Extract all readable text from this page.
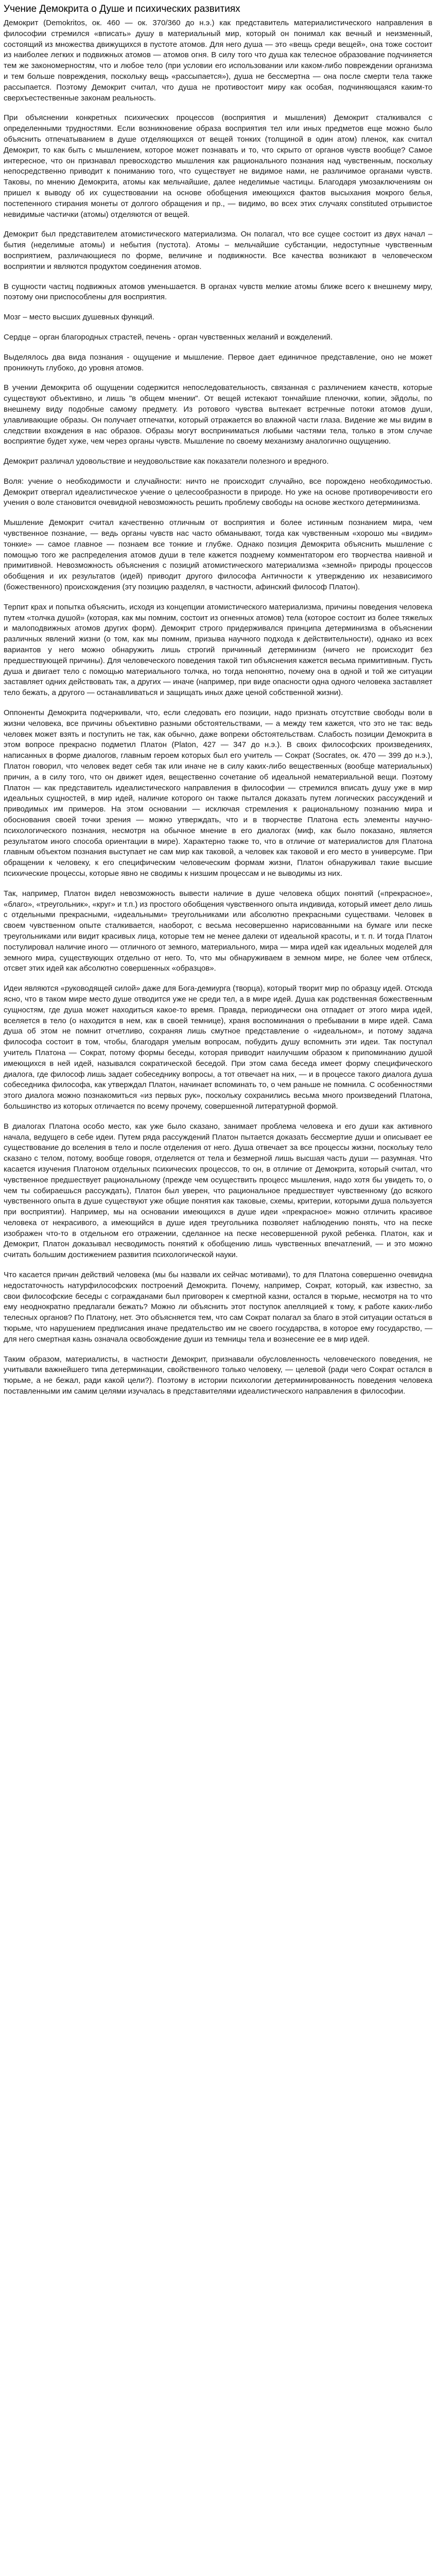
Учение Демокрита о Душе и психических развитиях

Демокрит (Demokritos, ок. 460 — ок. 370/360 до н.э.) как представитель материалистического направления в философии стремился «вписать» душу в материальный мир, который он понимал как вечный и неизменный, состоящий из множества движущихся в пустоте атомов. Для него душа — это «вещь среди вещей», она тоже состоит из наиболее легких и подвижных атомов — атомов огня. В силу того что душа как телесное образование подчиняется тем же закономерностям, что и любое тело (при условии его использовании или каком-либо повреждении организма и тем больше повреждения, поскольку вещь «рассыпается»), душа не бессмертна — она после смерти тела также рассыпается. Поэтому Демокрит считал, что душа не противостоит миру как особая, подчиняющаяся каким-то сверхъестественные законам реальность.

При объяснении конкретных психических процессов (восприятия и мышления) Демокрит сталкивался с определенными трудностями. Если возникновение образа восприятия тел или иных предметов еще можно было объяснить отпечатыванием в душе отделяющихся от вещей тонких (толщиной в один атом) пленок, как считал Демокрит, то как быть с мышлением, которое может познавать и то, что скрыто от органов чувств вообще? Самое интересное, что он признавал превосходство мышления как рационального познания над чувственным, поскольку непосредственно приводит к пониманию того, что существует не видимое нами, не различимое органами чувств. Таковы, по мнению Демокрита, атомы как мельчайшие, далее неделимые частицы. Благодаря умозаключениям он пришел к выводу об их существовании на основе обобщения имеющихся фактов высыхания мокрого белья, постепенного стирания монеты от долгого обращения и пр., — видимо, во всех этих случаях constituted отрывистое невидимые частички (атомы) отделяются от вещей.

Демокрит был представителем атомистического материализма. Он полагал, что все сущее состоит из двух начал – бытия (неделимые атомы) и небытия (пустота). Атомы – мельчайшие субстанции, недоступные чувственным восприятием, различающиеся по форме, величине и подвижности. Все качества возникают в человеческом восприятии и являются продуктом соединения атомов.

В сущности частиц подвижных атомов уменьшается. В органах чувств мелкие атомы ближе всего к внешнему миру, поэтому они приспособлены для восприятия.

Мозг – место высших душевных функций.

Сердце – орган благородных страстей, печень - орган чувственных желаний и вожделений.

Выделялось два вида познания - ощущение и мышление. Первое дает единичное представление, оно не может проникнуть глубоко, до уровня атомов.

В учении Демокрита об ощущении содержится непоследовательность, связанная с различением качеств, которые существуют объективно, и лишь "в общем мнении". От вещей истекают тончайшие пленочки, копии, эйдолы, по внешнему виду подобные самому предмету. Из ротового чувства вытекает встречные потоки атомов души, улавливающие образы. Он получает отпечатки, который отражается во влажной части глаза. Видение же мы видим в следствии вхождения в нас образов. Образы могут восприниматься любыми частями тела, только в этом случае восприятие будет хуже, чем через органы чувств. Мышление по своему механизму аналогично ощущению.

Демокрит различал удовольствие и неудовольствие как показатели полезного и вредного.

Воля: учение о необходимости и случайности: ничто не происходит случайно, все порождено необходимостью. Демокрит отвергал идеалистическое учение о целесообразности в природе. Но уже на основе противоречивости его учения о воле становится очевидной невозможность решить проблему свободы на основе жесткого детерминизма.

Мышление Демокрит считал качественно отличным от восприятия и более истинным познанием мира, чем чувственное познание, — ведь органы чувств нас часто обманывают, тогда как чувственным «хорошо мы «видим» тонкие» — самое главное — познаем все тонкие и глубже. Однако позиция Демокрита объяснить мышление с помощью того же распределения атомов души в теле кажется позднему комментатором его творчества наивной и примитивной. Невозможность объяснения с позиций атомистического материализма «земной» природы процессов обобщения и их результатов (идей) приводит другого философа Античности к утверждению их независимого (божественного) происхождения (эту позицию разделял, в частности, афинский философ Платон).

Терпит крах и попытка объяснить, исходя из концепции атомистического материализма, причины поведения человека путем «толчка душой» (которая, как мы помним, состоит из огненных атомов) тела (которое состоит из более тяжелых и малоподвижных атомов других форм). Демокрит строго придерживался принципа детерминизма в объяснении различных явлений жизни (о том, как мы помним, призыва научного подхода к действительности), однако из всех вариантов у него можно обнаружить лишь строгий причинный детерминизм (ничего не происходит без предшествующей причины). Для человеческого поведения такой тип объяснения кажется весьма примитивным. Пусть душа и двигает тело с помощью материального толчка, но тогда непонятно, почему она в одной и той же ситуации заставляет одних действовать так, а других — иначе (например, при виде опасности одна одного человека заставляет тело бежать, а другого — останавливаться и защищать иных даже ценой собственной жизни).

Оппоненты Демокрита подчеркивали, что, если следовать его позиции, надо признать отсутствие свободы воли в жизни человека, все причины объективно разными обстоятельствами, — а между тем кажется, что это не так: ведь человек может взять и поступить не так, как обычно, даже вопреки обстоятельствам. Слабость позиции Демокрита в этом вопросе прекрасно подметил Платон (Platon, 427 — 347 до н.э.). В своих философских произведениях, написанных в форме диалогов, главным героем которых был его учитель — Сократ (Socrates, ок. 470 — 399 до н.э.), Платон говорил, что человек ведет себя так или иначе не в силу каких-либо вещественных (вообще материальных) причин, а в силу того, что он движет идея, вещественно сочетание об идеальной нематериальной вещи. Поэтому Платон — как представитель идеалистического направления в философии — стремился вписать душу уже в мир идеальных сущностей, в мир идей, наличие которого он также пытался доказать путем логических рассуждений и приводимых им примеров. На этом основании — исключая стремления к рациональному познанию мира и обоснования своей точки зрения — можно утверждать, что и в творчестве Платона есть элементы научно-психологического познания, несмотря на обычное мнение в его диалогах (миф, как было показано, является результатом иного способа ориентации в мире). Характерно также то, что в отличие от материалистов для Платона главным объектом познания выступает не сам мир как таковой, а человек как таковой и его место в универсуме. При обращении к человеку, к его специфическим человеческим формам жизни, Платон обнаруживал такие высшие психические процессы, которые явно не сводимы к низшим процессам и не выводимы из них.

Так, например, Платон видел невозможность вывести наличие в душе человека общих понятий («прекрасное», «благо», «треугольник», «круг» и т.п.) из простого обобщения чувственного опыта индивида, который имеет дело лишь с отдельными прекрасными, «идеальными» треугольниками или абсолютно прекрасными существами. Человек в своем чувственном опыте сталкивается, наоборот, с весьма несовершенно нарисованными на бумаге или песке треугольниками или видит красивых лица, которые тем не менее далеки от идеальной красоты, и т. п. И тогда Платон постулировал наличие иного — отличного от земного, материального, мира — мира идей как идеальных моделей для земного мира, существующих отдельно от него. То, что мы обнаруживаем в земном мире, не более чем отблеск, отсвет этих идей как абсолютно совершенных «образцов».

Идеи являются «руководящей силой» даже для Бога-демиурга (творца), который творит мир по образцу идей. Отсюда ясно, что в таком мире место душе отводится уже не среди тел, а в мире идей. Душа как родственная божественным сущностям, где душа может находиться какое-то время. Правда, периодически она отпадает от этого мира идей, вселяется в тело (о находится в нем, как в своей темнице), храня воспоминания о пребывании в мире идей. Сама душа об этом не помнит отчетливо, сохраняя лишь смутное представление о «идеальном», и потому задача философа состоит в том, чтобы, благодаря умелым вопросам, побудить душу вспомнить эти идеи. Так поступал учитель Платона — Сократ, потому формы беседы, которая приводит наилучшим образом к припоминанию душой имеющихся в ней идей, назывался сократической беседой. При этом сама беседа имеет форму специфического диалога, где философ лишь задает собеседнику вопросы, а тот отвечает на них, — и в процессе такого диалога душа собеседника философа, как утверждал Платон, начинает вспоминать то, о чем раньше не помнила. С особенностями этого диалога можно познакомиться «из первых рук», поскольку сохранились весьма много произведений Платона, большинство из которых отличается по всему прочему, совершенной литературной формой.

В диалогах Платона особо место, как уже было сказано, занимает проблема человека и его души как активного начала, ведущего в себе идеи. Путем ряда рассуждений Платон пытается доказать бессмертие души и описывает ее существование до вселения в тело и после отделения от него. Душа отвечает за все процессы жизни, поскольку тело сказано с телом, потому, вообще говоря, отделяется от тела и безмерной лишь высшая часть души — разумная. Что касается изучения Платоном отдельных психических процессов, то он, в отличие от Демокрита, который считал, что чувственное предшествует рациональному (прежде чем осуществить процесс мышления, надо хотя бы увидеть то, о чем ты собираешься рассуждать), Платон был уверен, что рациональное предшествует чувственному (до всякого чувственного опыта в душе существуют уже общие понятия как таковые, схемы, критерии, которыми душа пользуется при восприятии). Например, мы на основании имеющихся в душе идеи «прекрасное» можно отличить красивое человека от некрасивого, а имеющийся в душе идея треугольника позволяет наблюдению понять, что на песке изображен что-то в отдельном его отражении, сделанное на песке несовершенной рукой ребенка. Платон, как и Демокрит, Платон доказывал несводимость понятий к обобщению лишь чувственных впечатлений, — и это можно считать большим достижением развития психологической науки.

Что касается причин действий человека (мы бы назвали их сейчас мотивами), то для Платона совершенно очевидна недостаточность натурфилософских построений Демокрита. Почему, например, Сократ, который, как известно, за свои философские беседы с согражданами был приговорен к смертной казни, остался в тюрьме, несмотря на то что ему неоднократно предлагали бежать? Можно ли объяснить этот поступок апелляцией к тому, к работе каких-либо телесных органов? По Платону, нет. Это объясняется тем, что сам Сократ полагал за благо в этой ситуации остаться в тюрьме, что нарушением предписания иначе предательство им не своего государства, в которое ему государство, — для него смертная казнь означала освобождение души из темницы тела и вознесение ее в мир идей.

Таким образом, материалисты, в частности Демокрит, признавали обусловленность человеческого поведения, не учитывали важнейшего типа детерминации, свойственного только человеку, — целевой (ради чего Сократ остался в тюрьме, а не бежал, ради какой цели?). Поэтому в истории психологии детерминированность поведения человека поставленными им самим целями изучалась в представителями идеалистического направления в философии.
